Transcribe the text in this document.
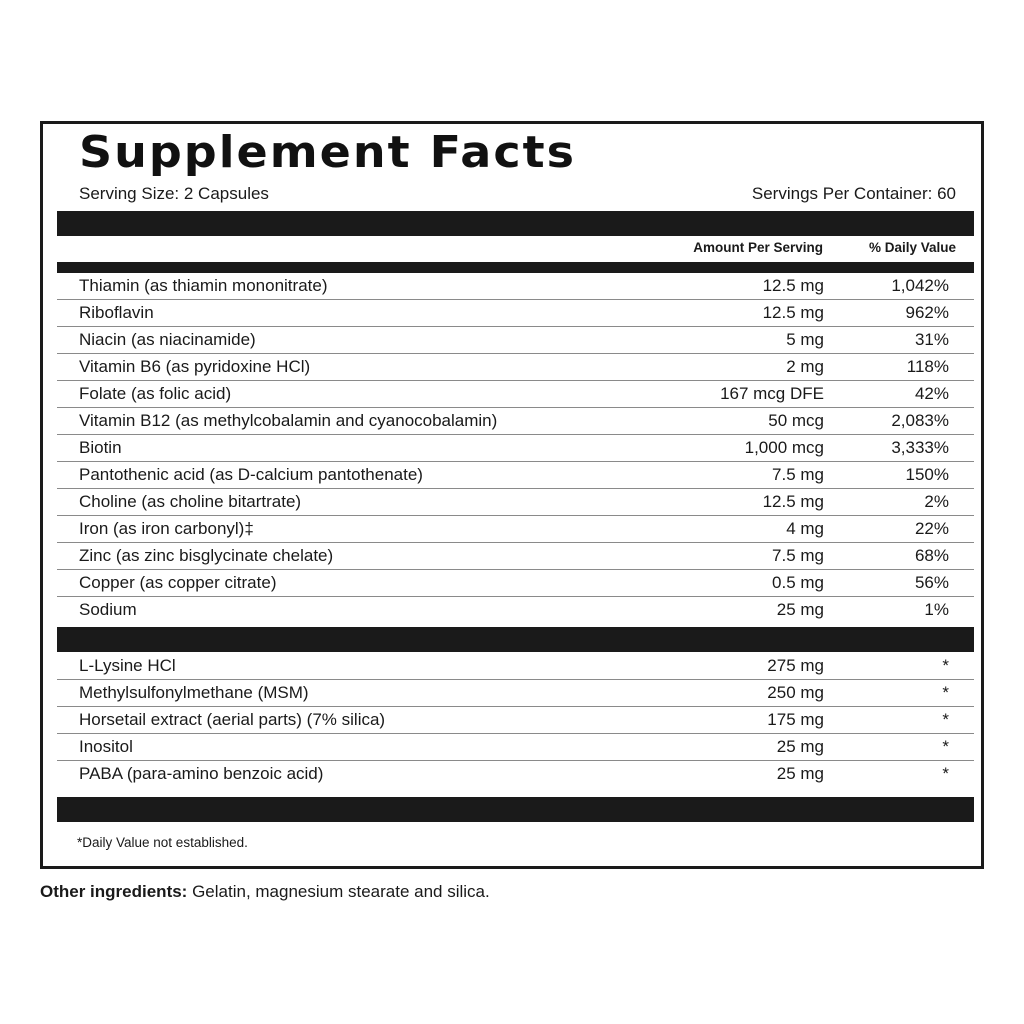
Supplement Facts
Serving Size: 2 Capsules	Servings Per Container: 60
Amount Per Serving	% Daily Value
Thiamin (as thiamin mononitrate)	12.5 mg	1,042%
Riboflavin	12.5 mg	962%
Niacin (as niacinamide)	5 mg	31%
Vitamin B6 (as pyridoxine HCl)	2 mg	118%
Folate (as folic acid)	167 mcg DFE	42%
Vitamin B12 (as methylcobalamin and cyanocobalamin)	50 mcg	2,083%
Biotin	1,000 mcg	3,333%
Pantothenic acid (as D-calcium pantothenate)	7.5 mg	150%
Choline (as choline bitartrate)	12.5 mg	2%
Iron (as iron carbonyl)‡	4 mg	22%
Zinc (as zinc bisglycinate chelate)	7.5 mg	68%
Copper (as copper citrate)	0.5 mg	56%
Sodium	25 mg	1%
L-Lysine HCl	275 mg	*
Methylsulfonylmethane (MSM)	250 mg	*
Horsetail extract (aerial parts) (7% silica)	175 mg	*
Inositol	25 mg	*
PABA (para-amino benzoic acid)	25 mg	*
*Daily Value not established.
Other ingredients: Gelatin, magnesium stearate and silica.
